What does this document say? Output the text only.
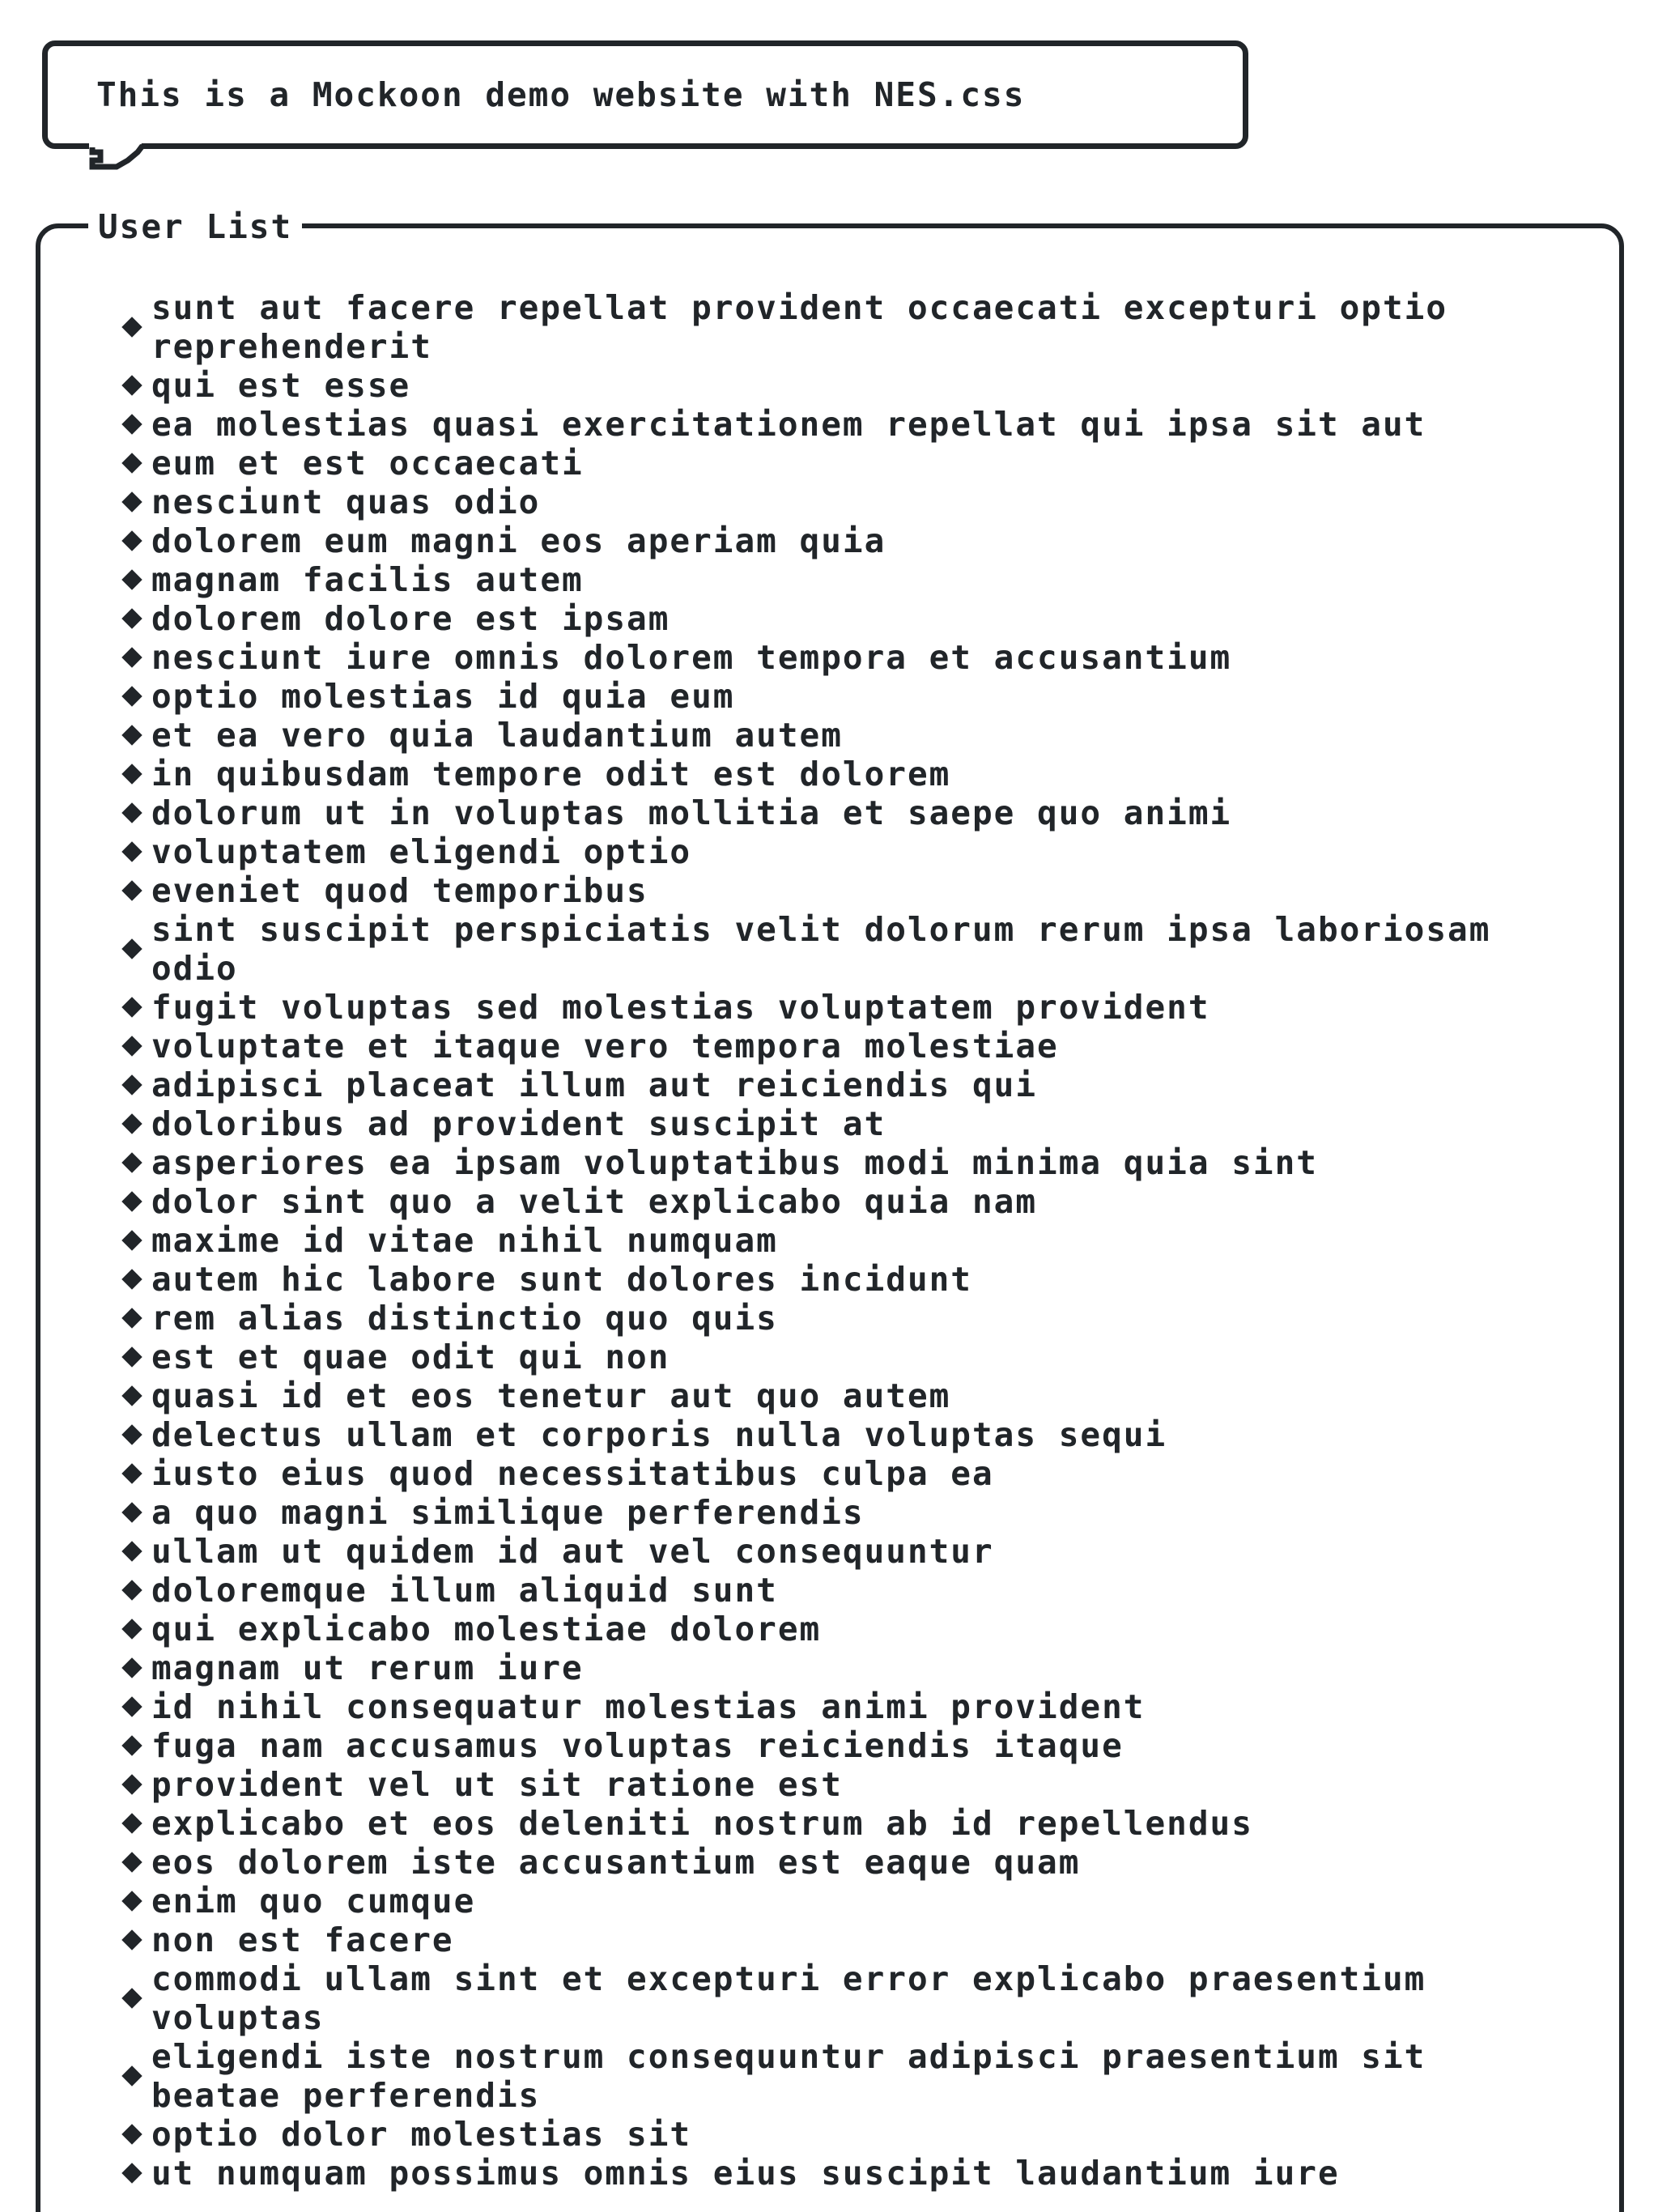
This is a Mockoon demo website with NES.css
User List
sunt aut facere repellat provident occaecati excepturi optio reprehenderit
qui est esse
ea molestias quasi exercitationem repellat qui ipsa sit aut
eum et est occaecati
nesciunt quas odio
dolorem eum magni eos aperiam quia
magnam facilis autem
dolorem dolore est ipsam
nesciunt iure omnis dolorem tempora et accusantium
optio molestias id quia eum
et ea vero quia laudantium autem
in quibusdam tempore odit est dolorem
dolorum ut in voluptas mollitia et saepe quo animi
voluptatem eligendi optio
eveniet quod temporibus
sint suscipit perspiciatis velit dolorum rerum ipsa laboriosam odio
fugit voluptas sed molestias voluptatem provident
voluptate et itaque vero tempora molestiae
adipisci placeat illum aut reiciendis qui
doloribus ad provident suscipit at
asperiores ea ipsam voluptatibus modi minima quia sint
dolor sint quo a velit explicabo quia nam
maxime id vitae nihil numquam
autem hic labore sunt dolores incidunt
rem alias distinctio quo quis
est et quae odit qui non
quasi id et eos tenetur aut quo autem
delectus ullam et corporis nulla voluptas sequi
iusto eius quod necessitatibus culpa ea
a quo magni similique perferendis
ullam ut quidem id aut vel consequuntur
doloremque illum aliquid sunt
qui explicabo molestiae dolorem
magnam ut rerum iure
id nihil consequatur molestias animi provident
fuga nam accusamus voluptas reiciendis itaque
provident vel ut sit ratione est
explicabo et eos deleniti nostrum ab id repellendus
eos dolorem iste accusantium est eaque quam
enim quo cumque
non est facere
commodi ullam sint et excepturi error explicabo praesentium voluptas
eligendi iste nostrum consequuntur adipisci praesentium sit beatae perferendis
optio dolor molestias sit
ut numquam possimus omnis eius suscipit laudantium iure
